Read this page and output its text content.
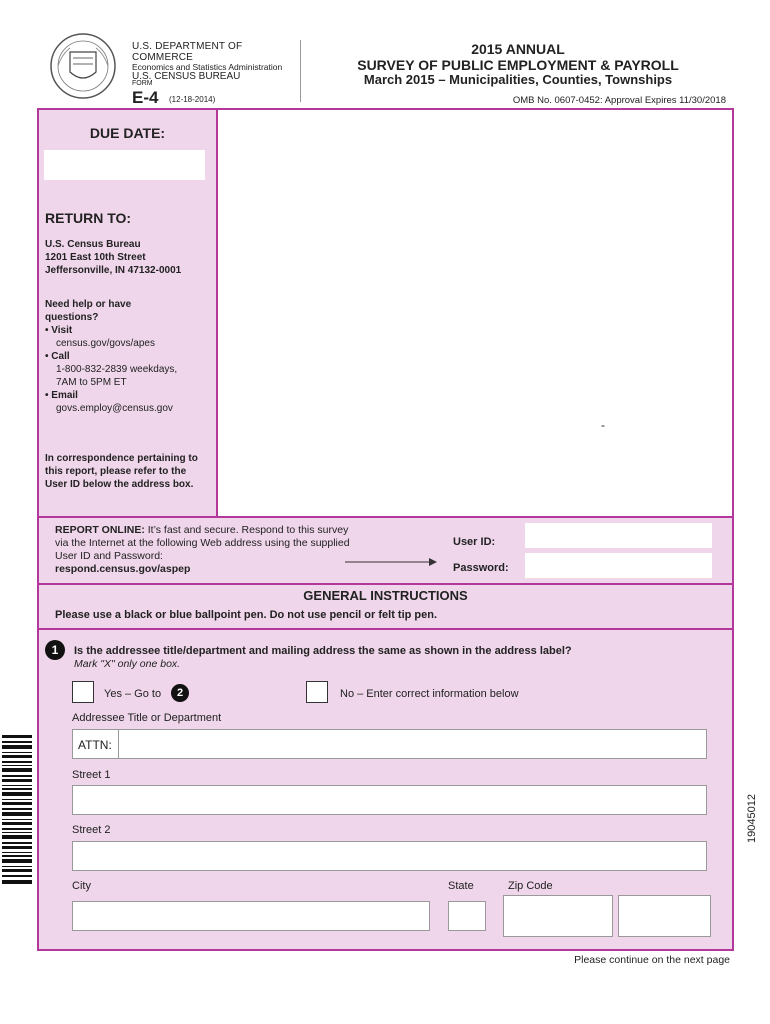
U.S. DEPARTMENT OF COMMERCE
Economics and Statistics Administration
U.S. CENSUS BUREAU
FORM
E-4 (12-18-2014)
2015 ANNUAL
SURVEY OF PUBLIC EMPLOYMENT & PAYROLL
March 2015 – Municipalities, Counties, Townships
OMB No. 0607-0452: Approval Expires 11/30/2018
DUE DATE:
RETURN TO:
U.S. Census Bureau
1201 East 10th Street
Jeffersonville, IN 47132-0001
Need help or have questions?
• Visit
census.gov/govs/apes
• Call
1-800-832-2839 weekdays, 7AM to 5PM ET
• Email
govs.employ@census.gov
In correspondence pertaining to this report, please refer to the User ID below the address box.
-
REPORT ONLINE: It’s fast and secure. Respond to this survey via the Internet at the following Web address using the supplied User ID and Password:
respond.census.gov/aspep
User ID:
Password:
GENERAL INSTRUCTIONS
Please use a black or blue ballpoint pen. Do not use pencil or felt tip pen.
1	Is the addressee title/department and mailing address the same as shown in the address label?
Mark "X" only one box.
Yes – Go to	2	No – Enter correct information below
Addressee Title or Department
ATTN:
Street 1
Street 2
City	State	Zip Code
Please continue on the next page
19045012
